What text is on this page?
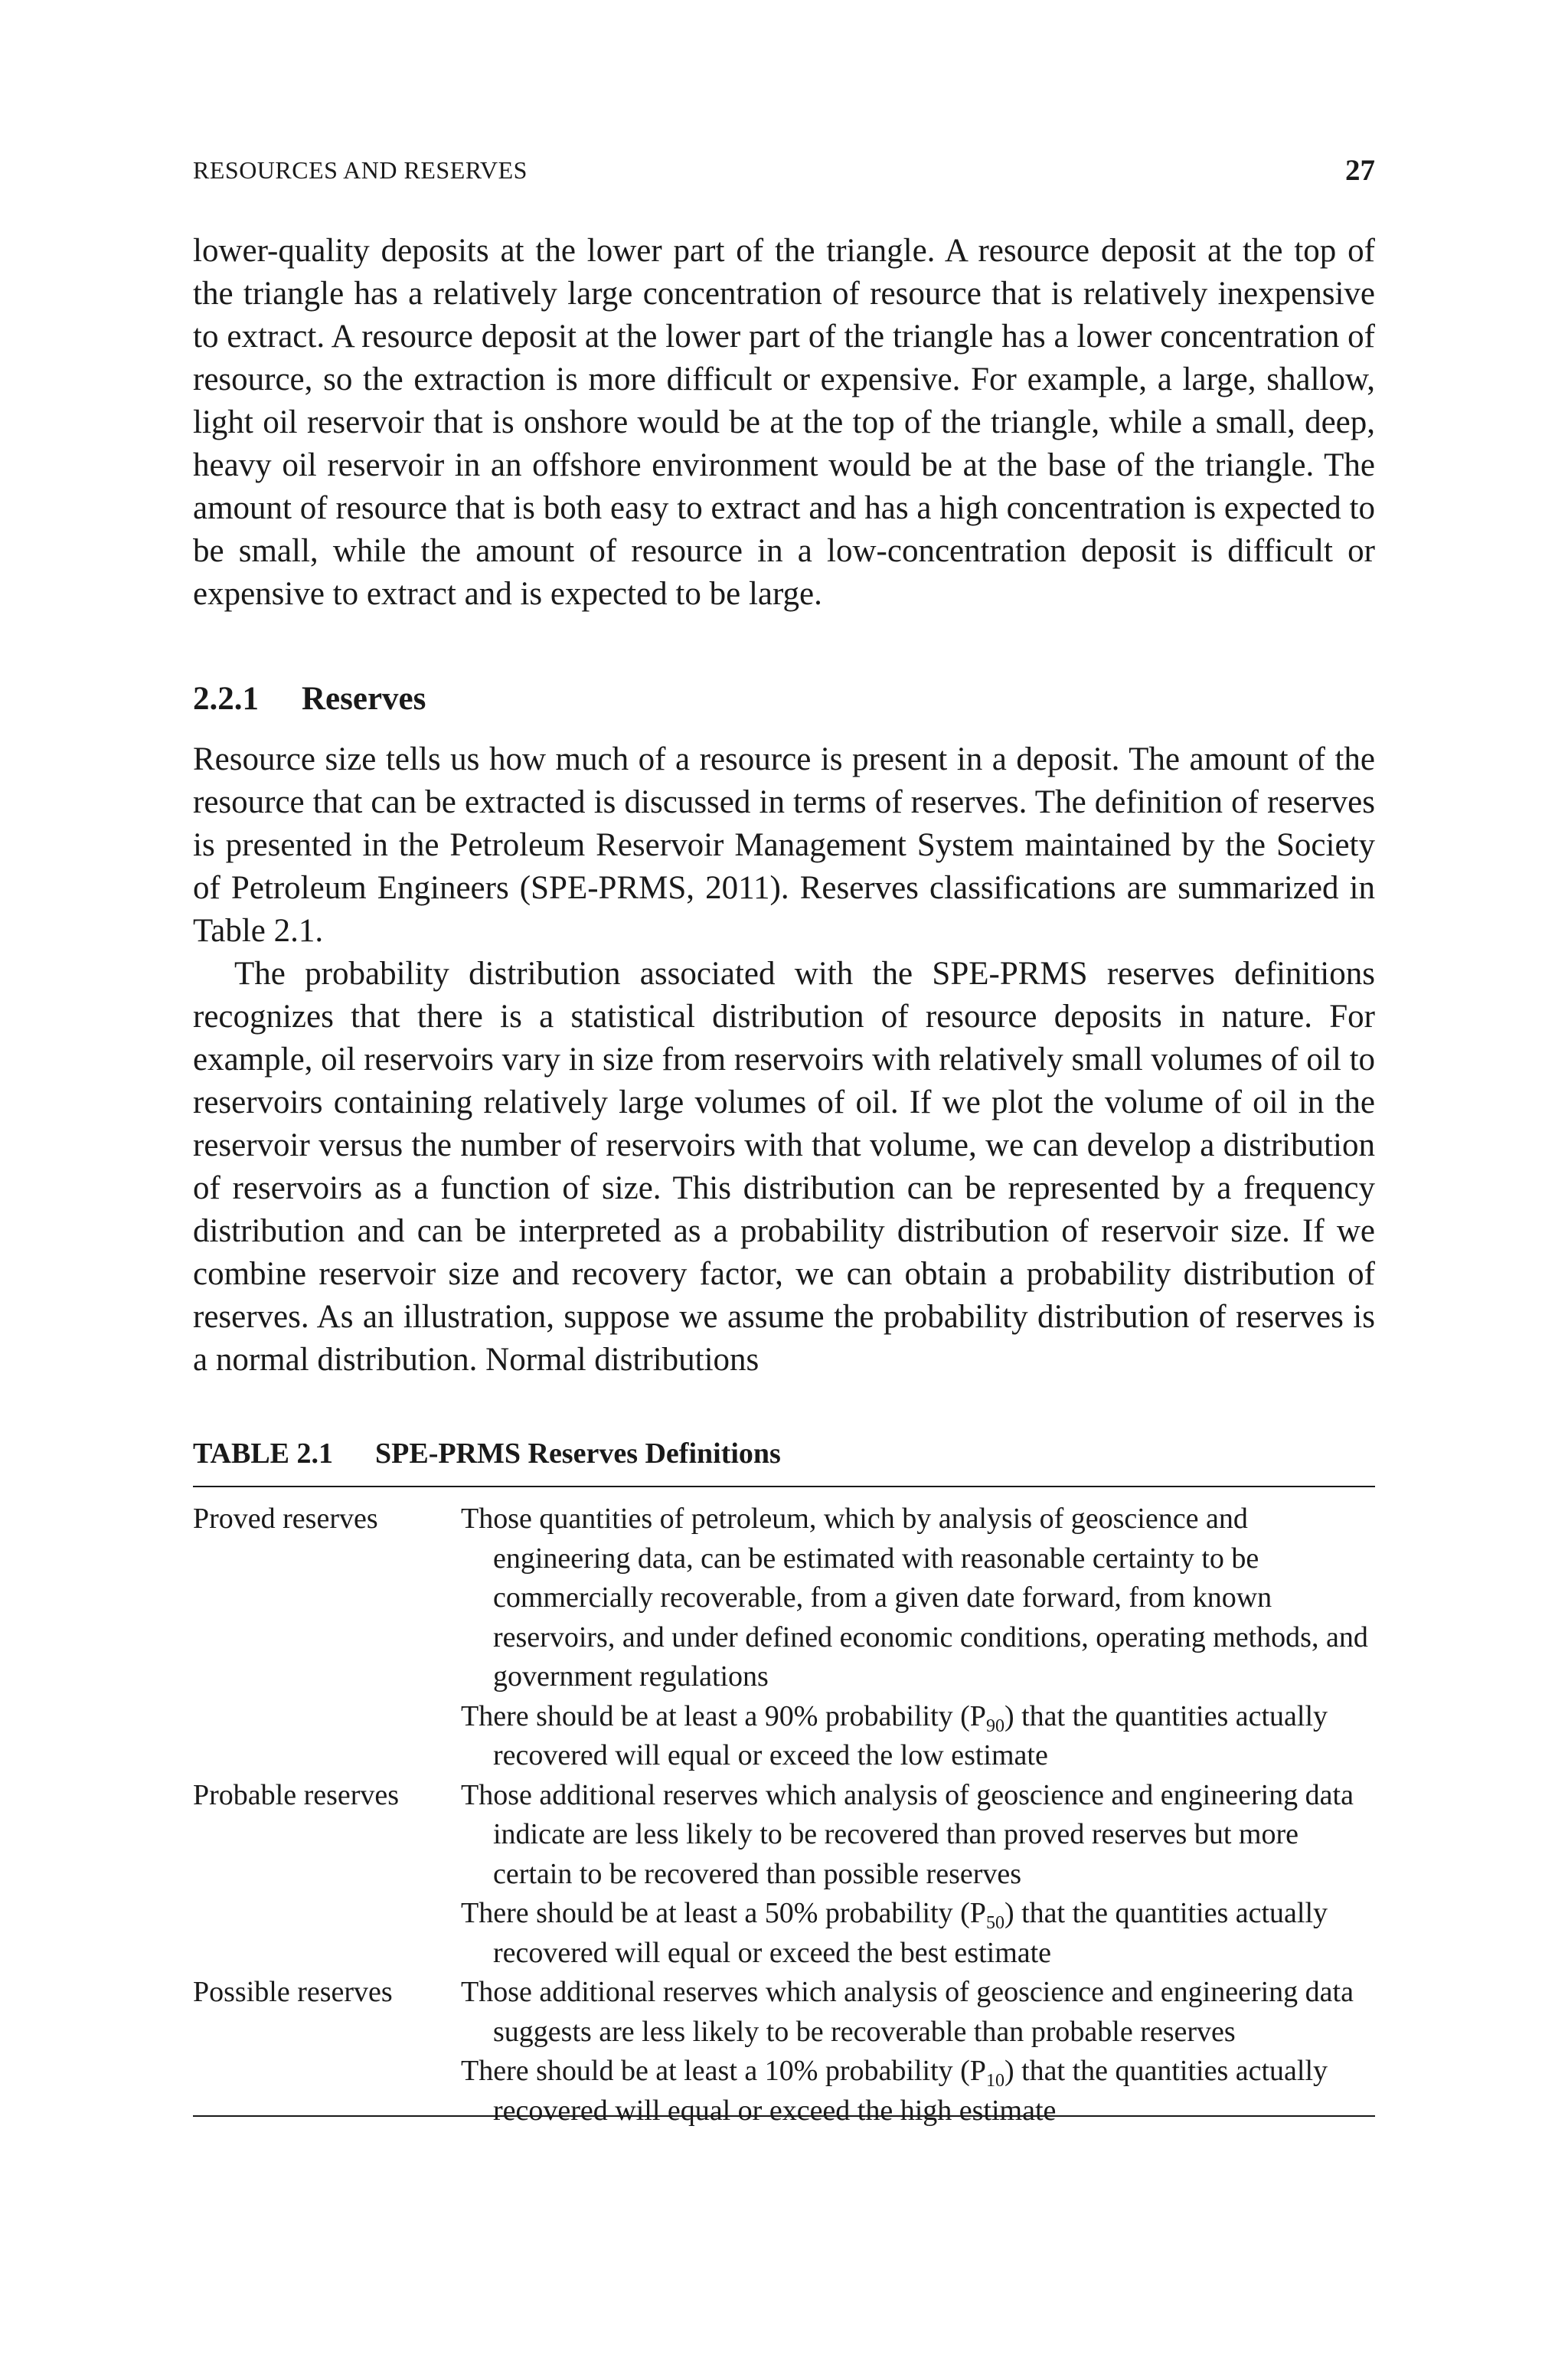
RESOURCES AND RESERVES	27

lower-quality deposits at the lower part of the triangle. A resource deposit at the top of the triangle has a relatively large concentration of resource that is relatively inexpensive to extract. A resource deposit at the lower part of the triangle has a lower concentration of resource, so the extraction is more difficult or expensive. For example, a large, shallow, light oil reservoir that is onshore would be at the top of the triangle, while a small, deep, heavy oil reservoir in an offshore environment would be at the base of the triangle. The amount of resource that is both easy to extract and has a high concentration is expected to be small, while the amount of resource in a low-concentration deposit is difficult or expensive to extract and is expected to be large.

2.2.1 Reserves

Resource size tells us how much of a resource is present in a deposit. The amount of the resource that can be extracted is discussed in terms of reserves. The definition of reserves is presented in the Petroleum Reservoir Management System maintained by the Society of Petroleum Engineers (SPE-PRMS, 2011). Reserves classifications are summarized in Table 2.1.

The probability distribution associated with the SPE-PRMS reserves definitions recognizes that there is a statistical distribution of resource deposits in nature. For example, oil reservoirs vary in size from reservoirs with relatively small volumes of oil to reservoirs containing relatively large volumes of oil. If we plot the volume of oil in the reservoir versus the number of reservoirs with that volume, we can develop a distribution of reservoirs as a function of size. This distribution can be represented by a frequency distribution and can be interpreted as a probability distribution of reservoir size. If we combine reservoir size and recovery factor, we can obtain a probability distribution of reserves. As an illustration, suppose we assume the probability distribution of reserves is a normal distribution. Normal distributions

TABLE 2.1 SPE-PRMS Reserves Definitions
Proved reserves	Those quantities of petroleum, which by analysis of geoscience and engineering data, can be estimated with reasonable certainty to be commercially recoverable, from a given date forward, from known reservoirs, and under defined economic conditions, operating methods, and government regulations

There should be at least a 90% probability $(P_{90})$ that the quantities actually recovered will equal or exceed the low estimate

Probable reserves Those additional reserves which analysis of geoscience and engineering data indicate are less likely to be recovered than proved reserves but more certain to be recovered than possible reserves

There should be at least a 50% probability $(P_{50})$ that the quantities actually recovered will equal or exceed the best estimate

Possible reserves Those additional reserves which analysis of geoscience and engineering data suggests are less likely to be recoverable than probable reserves

There should be at least a 10% probability $(P_{10})$ that the quantities actually recovered will equal or exceed the high estimate
